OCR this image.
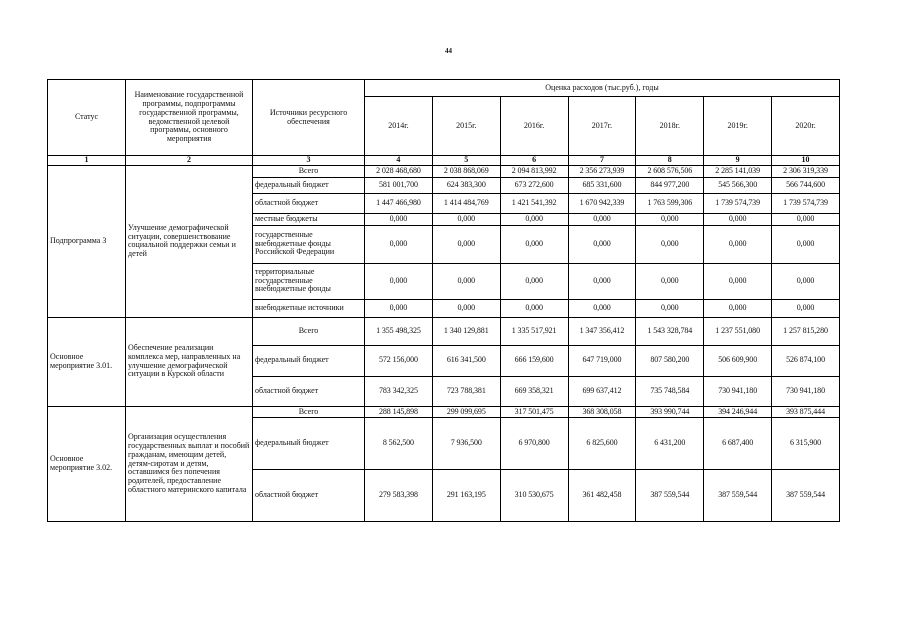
44
Статус	Наименование государственной программы, подпрограммы государственной программы, ведомственной целевой программы, основного мероприятия	Источники ресурсного обеспечения	Оценка расходов (тыс.руб.), годы						
			2014г.	2015г.	2016г.	2017г.	2018г.	2019г.	2020г.
1	2	3	4	5	6	7	8	9	10
Подпрограмма 3	Улучшение демографической ситуации, совершенствование социальной поддержки семьи и детей	Всего	2 028 468,680	2 038 868,069	2 094 813,992	2 356 273,939	2 608 576,506	2 285 141,039	2 306 319,339
		федеральный бюджет	581 001,700	624 383,300	673 272,600	685 331,600	844 977,200	545 566,300	566 744,600
		областной бюджет	1 447 466,980	1 414 484,769	1 421 541,392	1 670 942,339	1 763 599,306	1 739 574,739	1 739 574,739
		местные бюджеты	0,000	0,000	0,000	0,000	0,000	0,000	0,000
		государственные внебюджетные фонды Российской Федерации	0,000	0,000	0,000	0,000	0,000	0,000	0,000
		территориальные государственные внебюджетные фонды	0,000	0,000	0,000	0,000	0,000	0,000	0,000
		внебюджетные источники	0,000	0,000	0,000	0,000	0,000	0,000	0,000
Основное мероприятие 3.01.	Обеспечение реализации комплекса мер, направленных на улучшение демографической ситуации в Курской области	Всего	1 355 498,325	1 340 129,881	1 335 517,921	1 347 356,412	1 543 328,784	1 237 551,080	1 257 815,280
		федеральный бюджет	572 156,000	616 341,500	666 159,600	647 719,000	807 580,200	506 609,900	526 874,100
		областной бюджет	783 342,325	723 788,381	669 358,321	699 637,412	735 748,584	730 941,180	730 941,180
Основное мероприятие 3.02.	Организация осуществления государственных выплат и пособий гражданам, имеющим детей, детям-сиротам и детям, оставшимся без попечения родителей, предоставление областного материнского капитала	Всего	288 145,898	299 099,695	317 501,475	368 308,058	393 990,744	394 246,944	393 875,444
		федеральный бюджет	8 562,500	7 936,500	6 970,800	6 825,600	6 431,200	6 687,400	6 315,900
		областной бюджет	279 583,398	291 163,195	310 530,675	361 482,458	387 559,544	387 559,544	387 559,544
